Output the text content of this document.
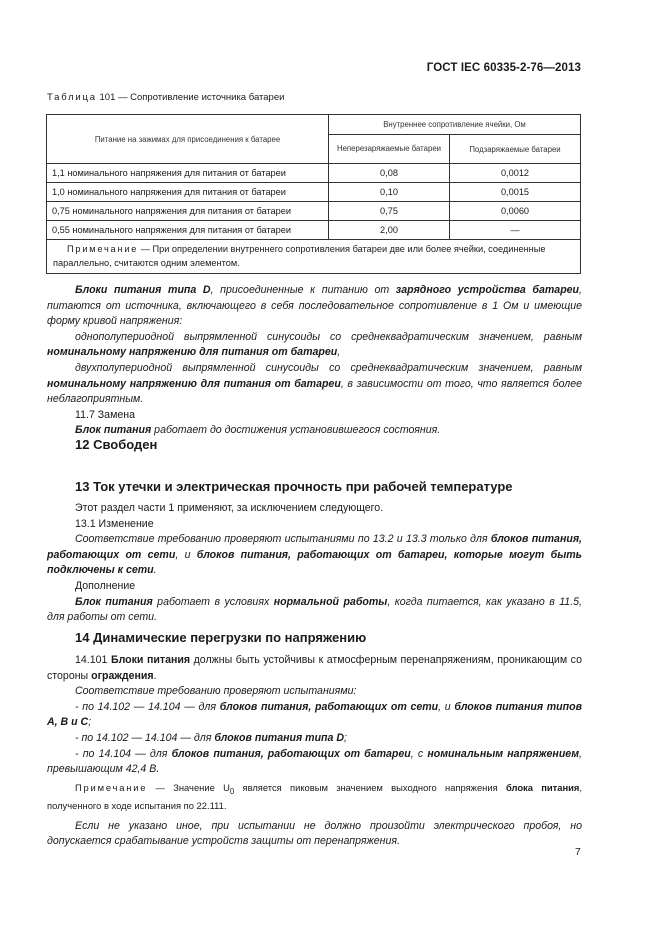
ГОСТ IEC 60335-2-76—2013
Таблица 101 — Сопротивление источника батареи
Питание на зажимах для присоединения к батарее	Внутреннее сопротивление ячейки, Ом	
	Неперезаряжаемые батареи	Подзаряжаемые батареи
1,1 номинального напряжения для питания от батареи	0,08	0,0012
1,0 номинального напряжения для питания от батареи	0,10	0,0015
0,75 номинального напряжения для питания от батареи	0,75	0,0060
0,55 номинального напряжения для питания от батареи	2,00	—
Примечание — При определении внутреннего сопротивления батареи две или более ячейки, соединенные параллельно, считаются одним элементом.		

Блоки питания типа D, присоединенные к питанию от зарядного устройства батареи, питаются от источника, включающего в себя последовательное сопротивление в 1 Ом и имеющие форму кривой напряжения:

однополупериодной выпрямленной синусоиды со среднеквадратическим значением, равным номинальному напряжению для питания от батареи,

двухполупериодной выпрямленной синусоиды со среднеквадратическим значением, равным номинальному напряжению для питания от батареи, в зависимости от того, что является более неблагоприятным.

11.7 Замена

Блок питания работает до достижения установившегося состояния.

12 Свободен
13 Ток утечки и электрическая прочность при рабочей температуре

Этот раздел части 1 применяют, за исключением следующего.

13.1 Изменение

Соответствие требованию проверяют испытаниями по 13.2 и 13.3 только для блоков питания, работающих от сети, и блоков питания, работающих от батареи, которые могут быть подключены к сети.

Дополнение

Блок питания работает в условиях нормальной работы, когда питается, как указано в 11.5, для работы от сети.

14 Динамические перегрузки по напряжению

14.101 Блоки питания должны быть устойчивы к атмосферным перенапряжениям, проникающим со стороны ограждения.

Соответствие требованию проверяют испытаниями:

- по 14.102 — 14.104 — для блоков питания, работающих от сети, и блоков питания типов A, B и C;

- по 14.102 — 14.104 — для блоков питания типа D;

- по 14.104 — для блоков питания, работающих от батареи, с номинальным напряжением, превышающим 42,4 В.

Примечание — Значение $U_0$ является пиковым значением выходного напряжения блока питания, полученного в ходе испытания по 22.111.

Если не указано иное, при испытании не должно произойти электрического пробоя, но допускается срабатывание устройств защиты от перенапряжения.

7
